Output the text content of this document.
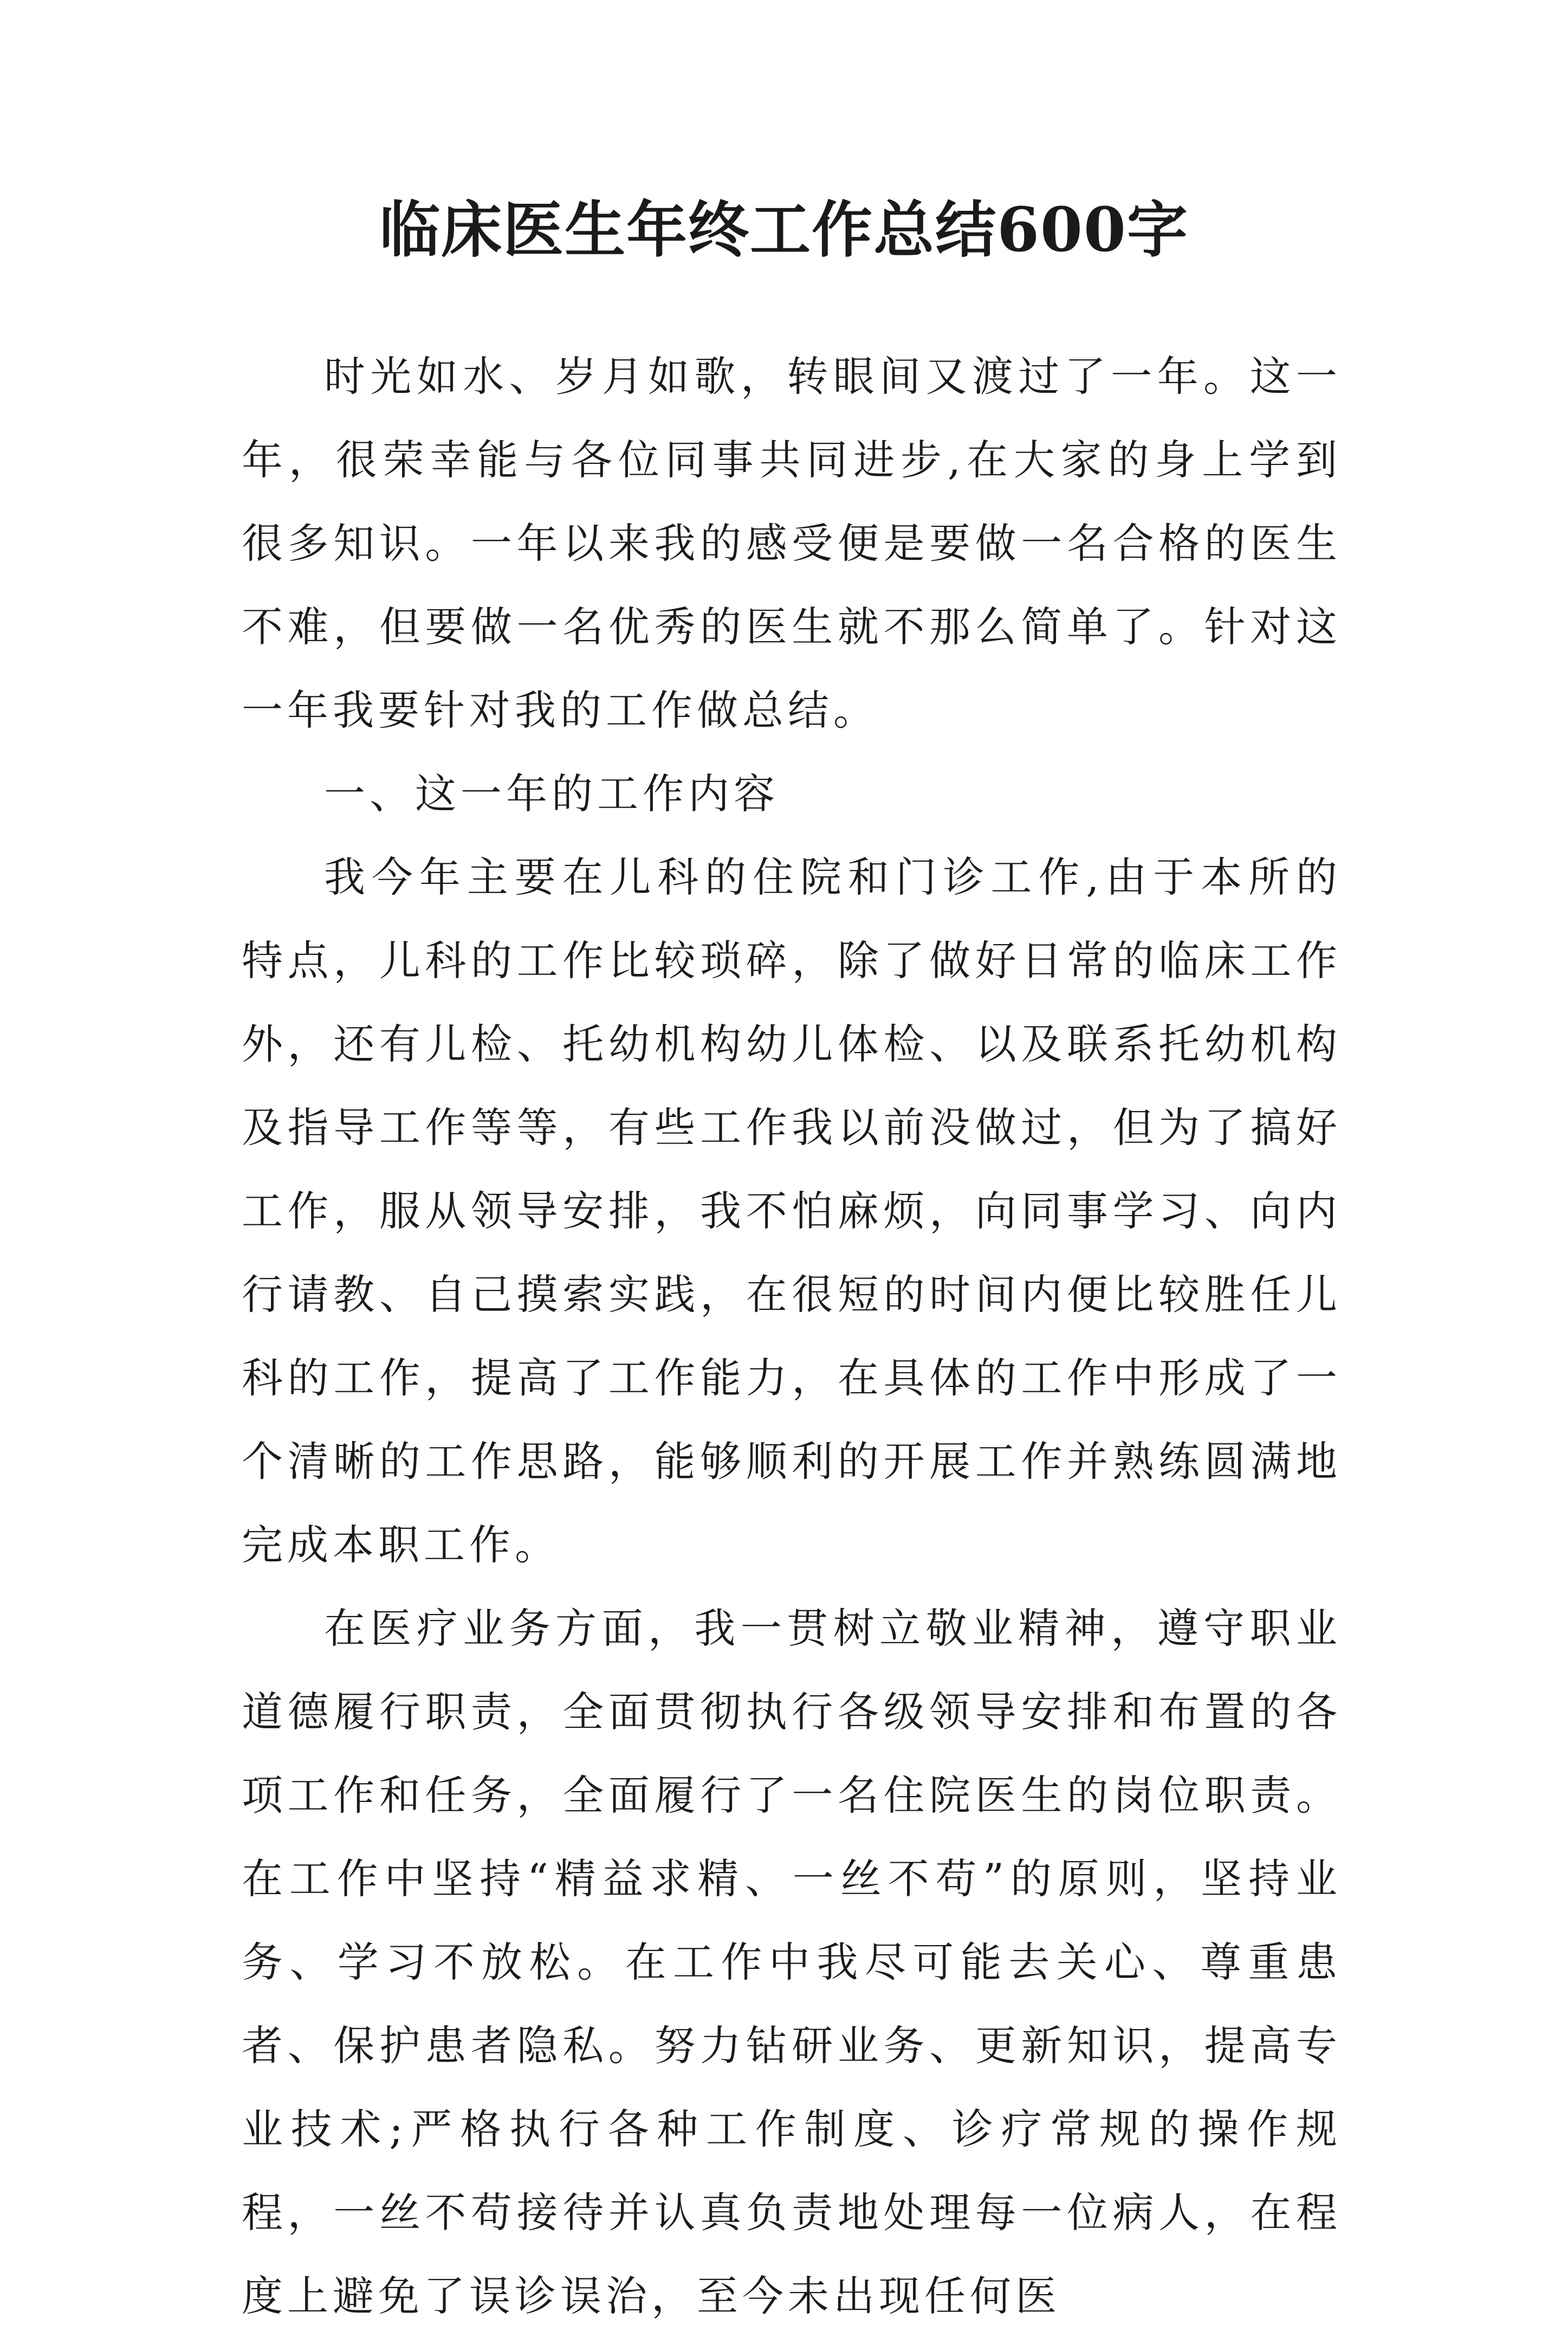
临床医生年终工作总结600字

时光如水、岁月如歌，转眼间又渡过了一年。这一年，很荣幸能与各位同事共同进步,在大家的身上学到很多知识。一年以来我的感受便是要做一名合格的医生不难，但要做一名优秀的医生就不那么简单了。针对这一年我要针对我的工作做总结。

一、这一年的工作内容

我今年主要在儿科的住院和门诊工作,由于本所的特点，儿科的工作比较琐碎，除了做好日常的临床工作外，还有儿检、托幼机构幼儿体检、以及联系托幼机构及指导工作等等，有些工作我以前没做过，但为了搞好工作，服从领导安排，我不怕麻烦，向同事学习、向内行请教、自己摸索实践，在很短的时间内便比较胜任儿科的工作，提高了工作能力，在具体的工作中形成了一个清晰的工作思路，能够顺利的开展工作并熟练圆满地完成本职工作。

在医疗业务方面，我一贯树立敬业精神，遵守职业道德履行职责，全面贯彻执行各级领导安排和布置的各项工作和任务，全面履行了一名住院医生的岗位职责。在工作中坚持“精益求精、一丝不苟”的原则，坚持业务、学习不放松。在工作中我尽可能去关心、尊重患者、保护患者隐私。努力钻研业务、更新知识，提高专业技术;严格执行各种工作制度、诊疗常规的操作规程，一丝不苟接待并认真负责地处理每一位病人，在程度上避免了误诊误治，至今未出现任何医
